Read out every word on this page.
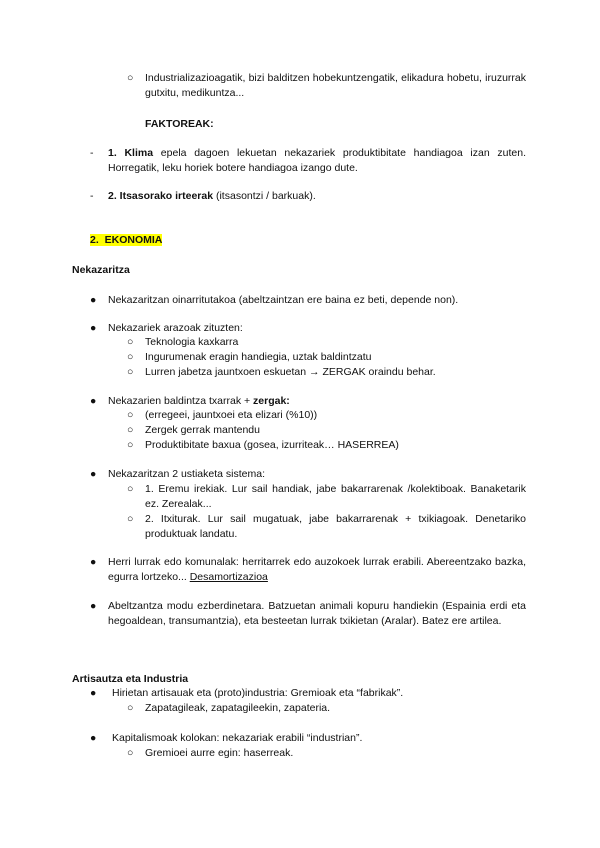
○ Industrializazioagatik, bizi balditzen hobekuntzengatik, elikadura hobetu, iruzurrak gutxitu, medikuntza...
FAKTOREAK:
- 1. Klima epela dagoen lekuetan nekazariek produktibitate handiagoa izan zuten. Horregatik, leku horiek botere handiagoa izango dute.
- 2. Itsasorako irteerak (itsasontzi / barkuak).
2. EKONOMIA
Nekazaritza
● Nekazaritzan oinarritutakoa (abeltzaintzan ere baina ez beti, depende non).
● Nekazariek arazoak zituzten:
○ Teknologia kaxkarra
○ Ingurumenak eragin handiegia, uztak baldintzatu
○ Lurren jabetza jauntxoen eskuetan → ZERGAK oraindu behar.
● Nekazarien baldintza txarrak + zergak:
○ (erregeei, jauntxoei eta elizari (%10))
○ Zergek gerrak mantendu
○ Produktibitate baxua (gosea, izurriteak… HASERREA)
● Nekazaritzan 2 ustiaketa sistema:
○ 1. Eremu irekiak. Lur sail handiak, jabe bakarrarenak /kolektiboak. Banaketarik ez. Zerealak...
○ 2. Itxiturak. Lur sail mugatuak, jabe bakarrarenak + txikiagoak. Denetariko produktuak landatu.
● Herri lurrak edo komunalak: herritarrek edo auzokoek lurrak erabili. Abereentzako bazka, egurra lortzeko... Desamortizazioa
● Abeltzantza modu ezberdinetara. Batzuetan animali kopuru handiekin (Espainia erdi eta hegoaldean, transumantzia), eta besteetan lurrak txikietan (Aralar). Batez ere artilea.
Artisautza eta Industria
● Hirietan artisauak eta (proto)industria: Gremioak eta “fabrikak”.
○ Zapatagileak, zapatagileekin, zapateria.
● Kapitalismoak kolokan: nekazariak erabili “industrian”.
○ Gremioei aurre egin: haserreak.
